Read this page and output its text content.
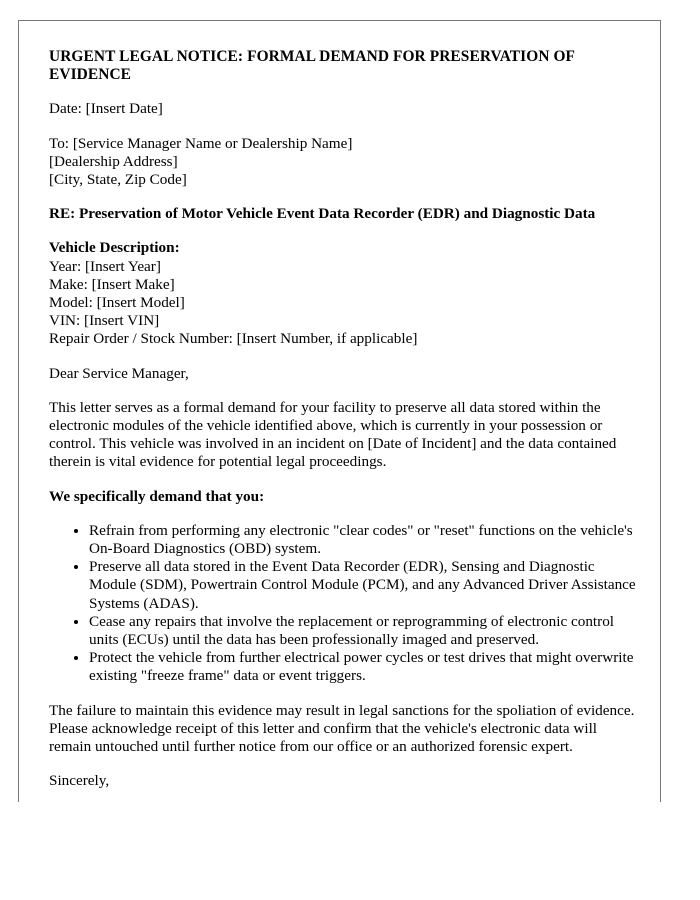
URGENT LEGAL NOTICE: FORMAL DEMAND FOR PRESERVATION OF EVIDENCE

Date: [Insert Date]

To: [Service Manager Name or Dealership Name]
[Dealership Address]
[City, State, Zip Code]

RE: Preservation of Motor Vehicle Event Data Recorder (EDR) and Diagnostic Data

Vehicle Description:
Year: [Insert Year]
Make: [Insert Make]
Model: [Insert Model]
VIN: [Insert VIN]
Repair Order / Stock Number: [Insert Number, if applicable]

Dear Service Manager,

This letter serves as a formal demand for your facility to preserve all data stored within the electronic modules of the vehicle identified above, which is currently in your possession or control. This vehicle was involved in an incident on [Date of Incident] and the data contained therein is vital evidence for potential legal proceedings.

We specifically demand that you:

• Refrain from performing any electronic "clear codes" or "reset" functions on the vehicle's On-Board Diagnostics (OBD) system.
• Preserve all data stored in the Event Data Recorder (EDR), Sensing and Diagnostic Module (SDM), Powertrain Control Module (PCM), and any Advanced Driver Assistance Systems (ADAS).
• Cease any repairs that involve the replacement or reprogramming of electronic control units (ECUs) until the data has been professionally imaged and preserved.
• Protect the vehicle from further electrical power cycles or test drives that might overwrite existing "freeze frame" data or event triggers.

The failure to maintain this evidence may result in legal sanctions for the spoliation of evidence. Please acknowledge receipt of this letter and confirm that the vehicle's electronic data will remain untouched until further notice from our office or an authorized forensic expert.

Sincerely,
